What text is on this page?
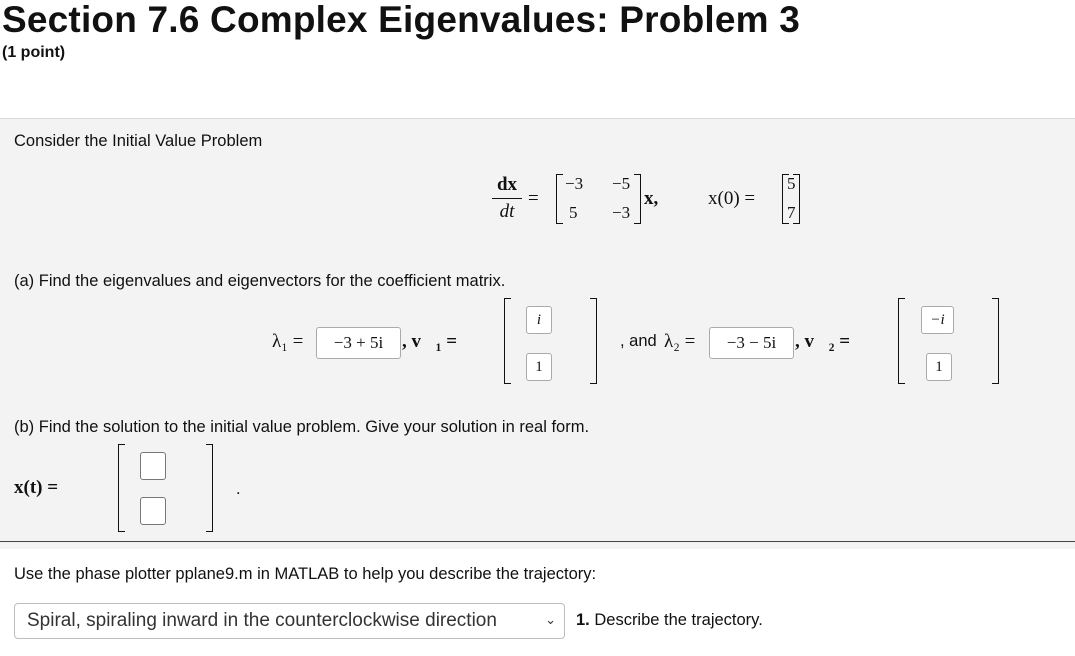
Section 7.6 Complex Eigenvalues: Problem 3
(1 point)
Consider the Initial Value Problem
dx
dt
=
−3 −5
5 −3
x,	x(0) =
5
7
(a) Find the eigenvalues and eigenvectors for the coefficient matrix.
λ₁ =	−3 + 5i , v⃗₁ =
i
1
, and λ₂ =	−3 − 5i , v⃗₂ =
−i
1
(b) Find the solution to the initial value problem. Give your solution in real form.
x(t) =	.
Use the phase plotter pplane9.m in MATLAB to help you describe the trajectory:
Spiral, spiraling inward in the counterclockwise direction	⌄ 1. Describe the trajectory.
